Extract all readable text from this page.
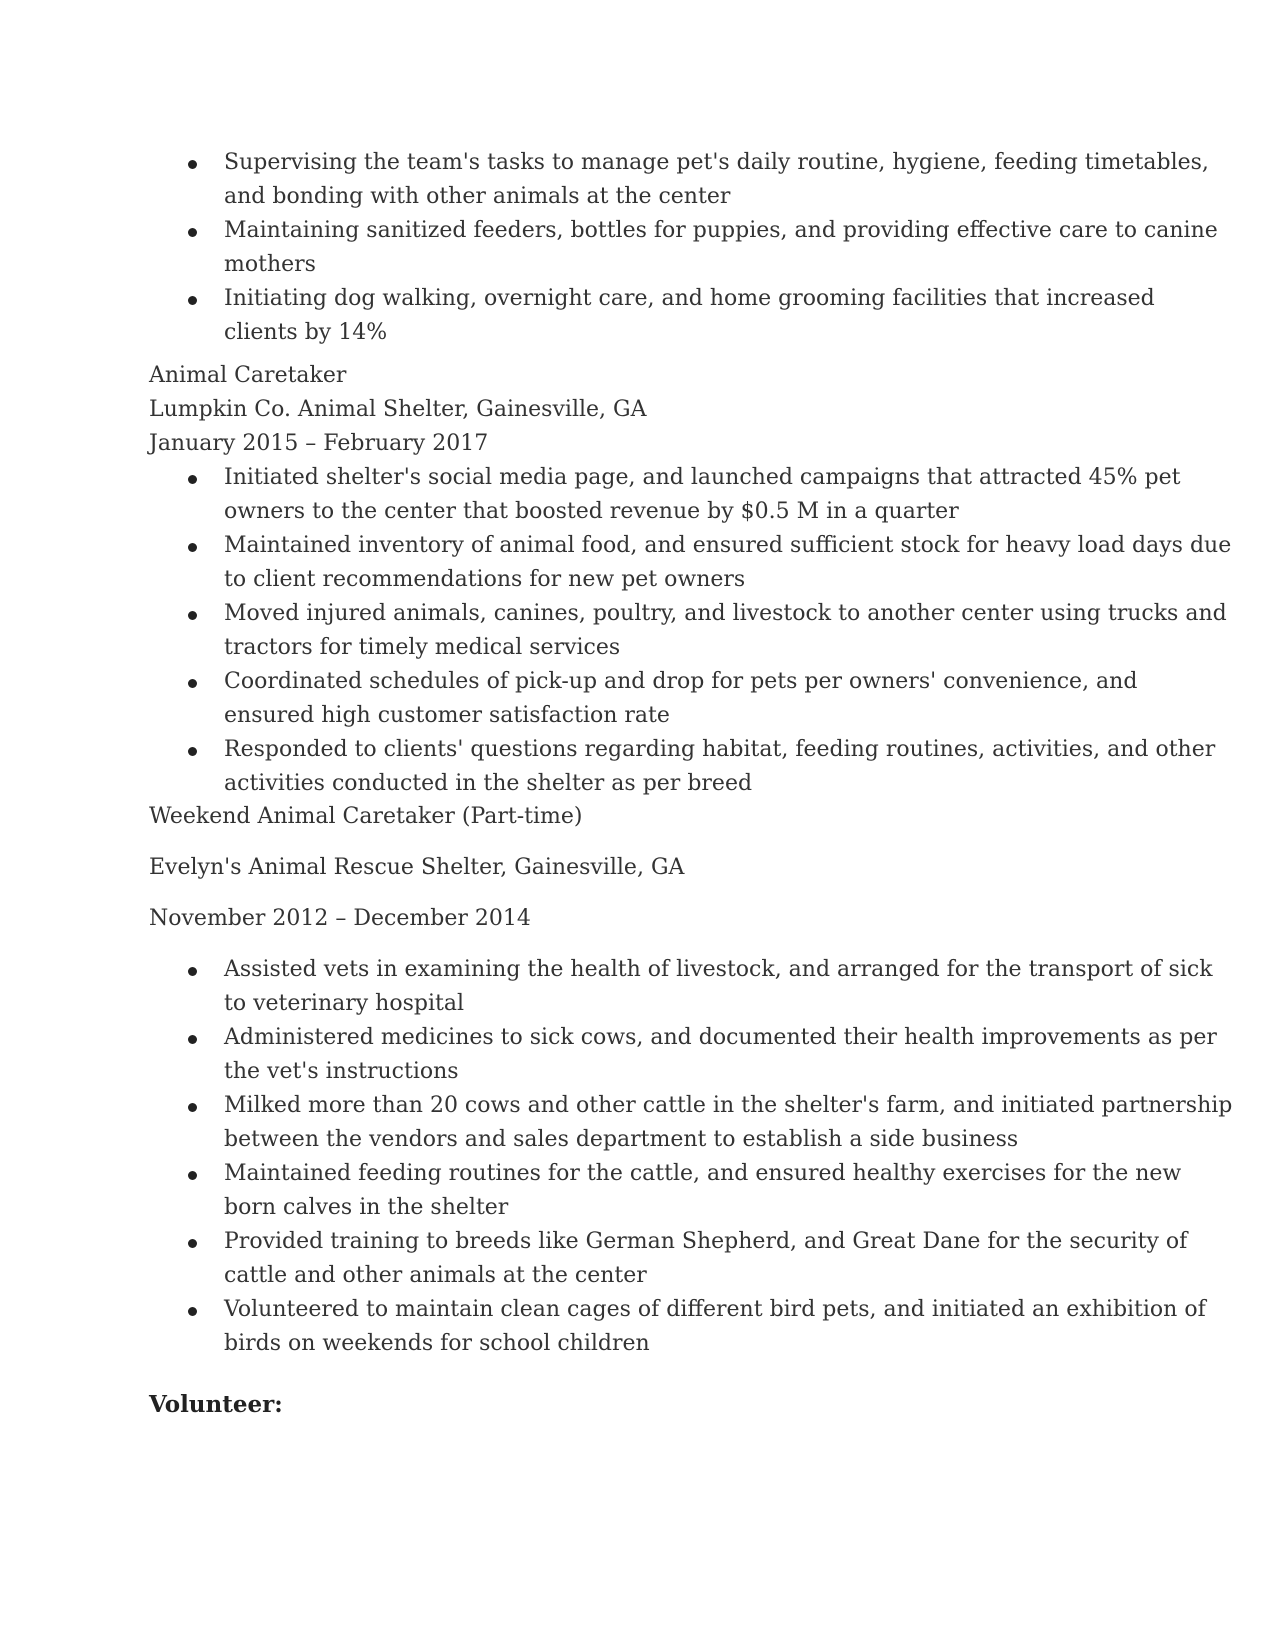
Supervising the team's tasks to manage pet's daily routine, hygiene, feeding timetables, and bonding with other animals at the center
Maintaining sanitized feeders, bottles for puppies, and providing effective care to canine mothers
Initiating dog walking, overnight care, and home grooming facilities that increased clients by 14%

Animal Caretaker

Lumpkin Co. Animal Shelter, Gainesville, GA

January 2015 – February 2017

Initiated shelter's social media page, and launched campaigns that attracted 45% pet owners to the center that boosted revenue by $0.5 M in a quarter
Maintained inventory of animal food, and ensured sufficient stock for heavy load days due to client recommendations for new pet owners
Moved injured animals, canines, poultry, and livestock to another center using trucks and tractors for timely medical services
Coordinated schedules of pick-up and drop for pets per owners' convenience, and ensured high customer satisfaction rate
Responded to clients' questions regarding habitat, feeding routines, activities, and other activities conducted in the shelter as per breed

Weekend Animal Caretaker (Part-time)

Evelyn's Animal Rescue Shelter, Gainesville, GA

November 2012 – December 2014

Assisted vets in examining the health of livestock, and arranged for the transport of sick to veterinary hospital
Administered medicines to sick cows, and documented their health improvements as per the vet's instructions
Milked more than 20 cows and other cattle in the shelter's farm, and initiated partnership between the vendors and sales department to establish a side business
Maintained feeding routines for the cattle, and ensured healthy exercises for the new born calves in the shelter
Provided training to breeds like German Shepherd, and Great Dane for the security of cattle and other animals at the center
Volunteered to maintain clean cages of different bird pets, and initiated an exhibition of birds on weekends for school children

Volunteer:
